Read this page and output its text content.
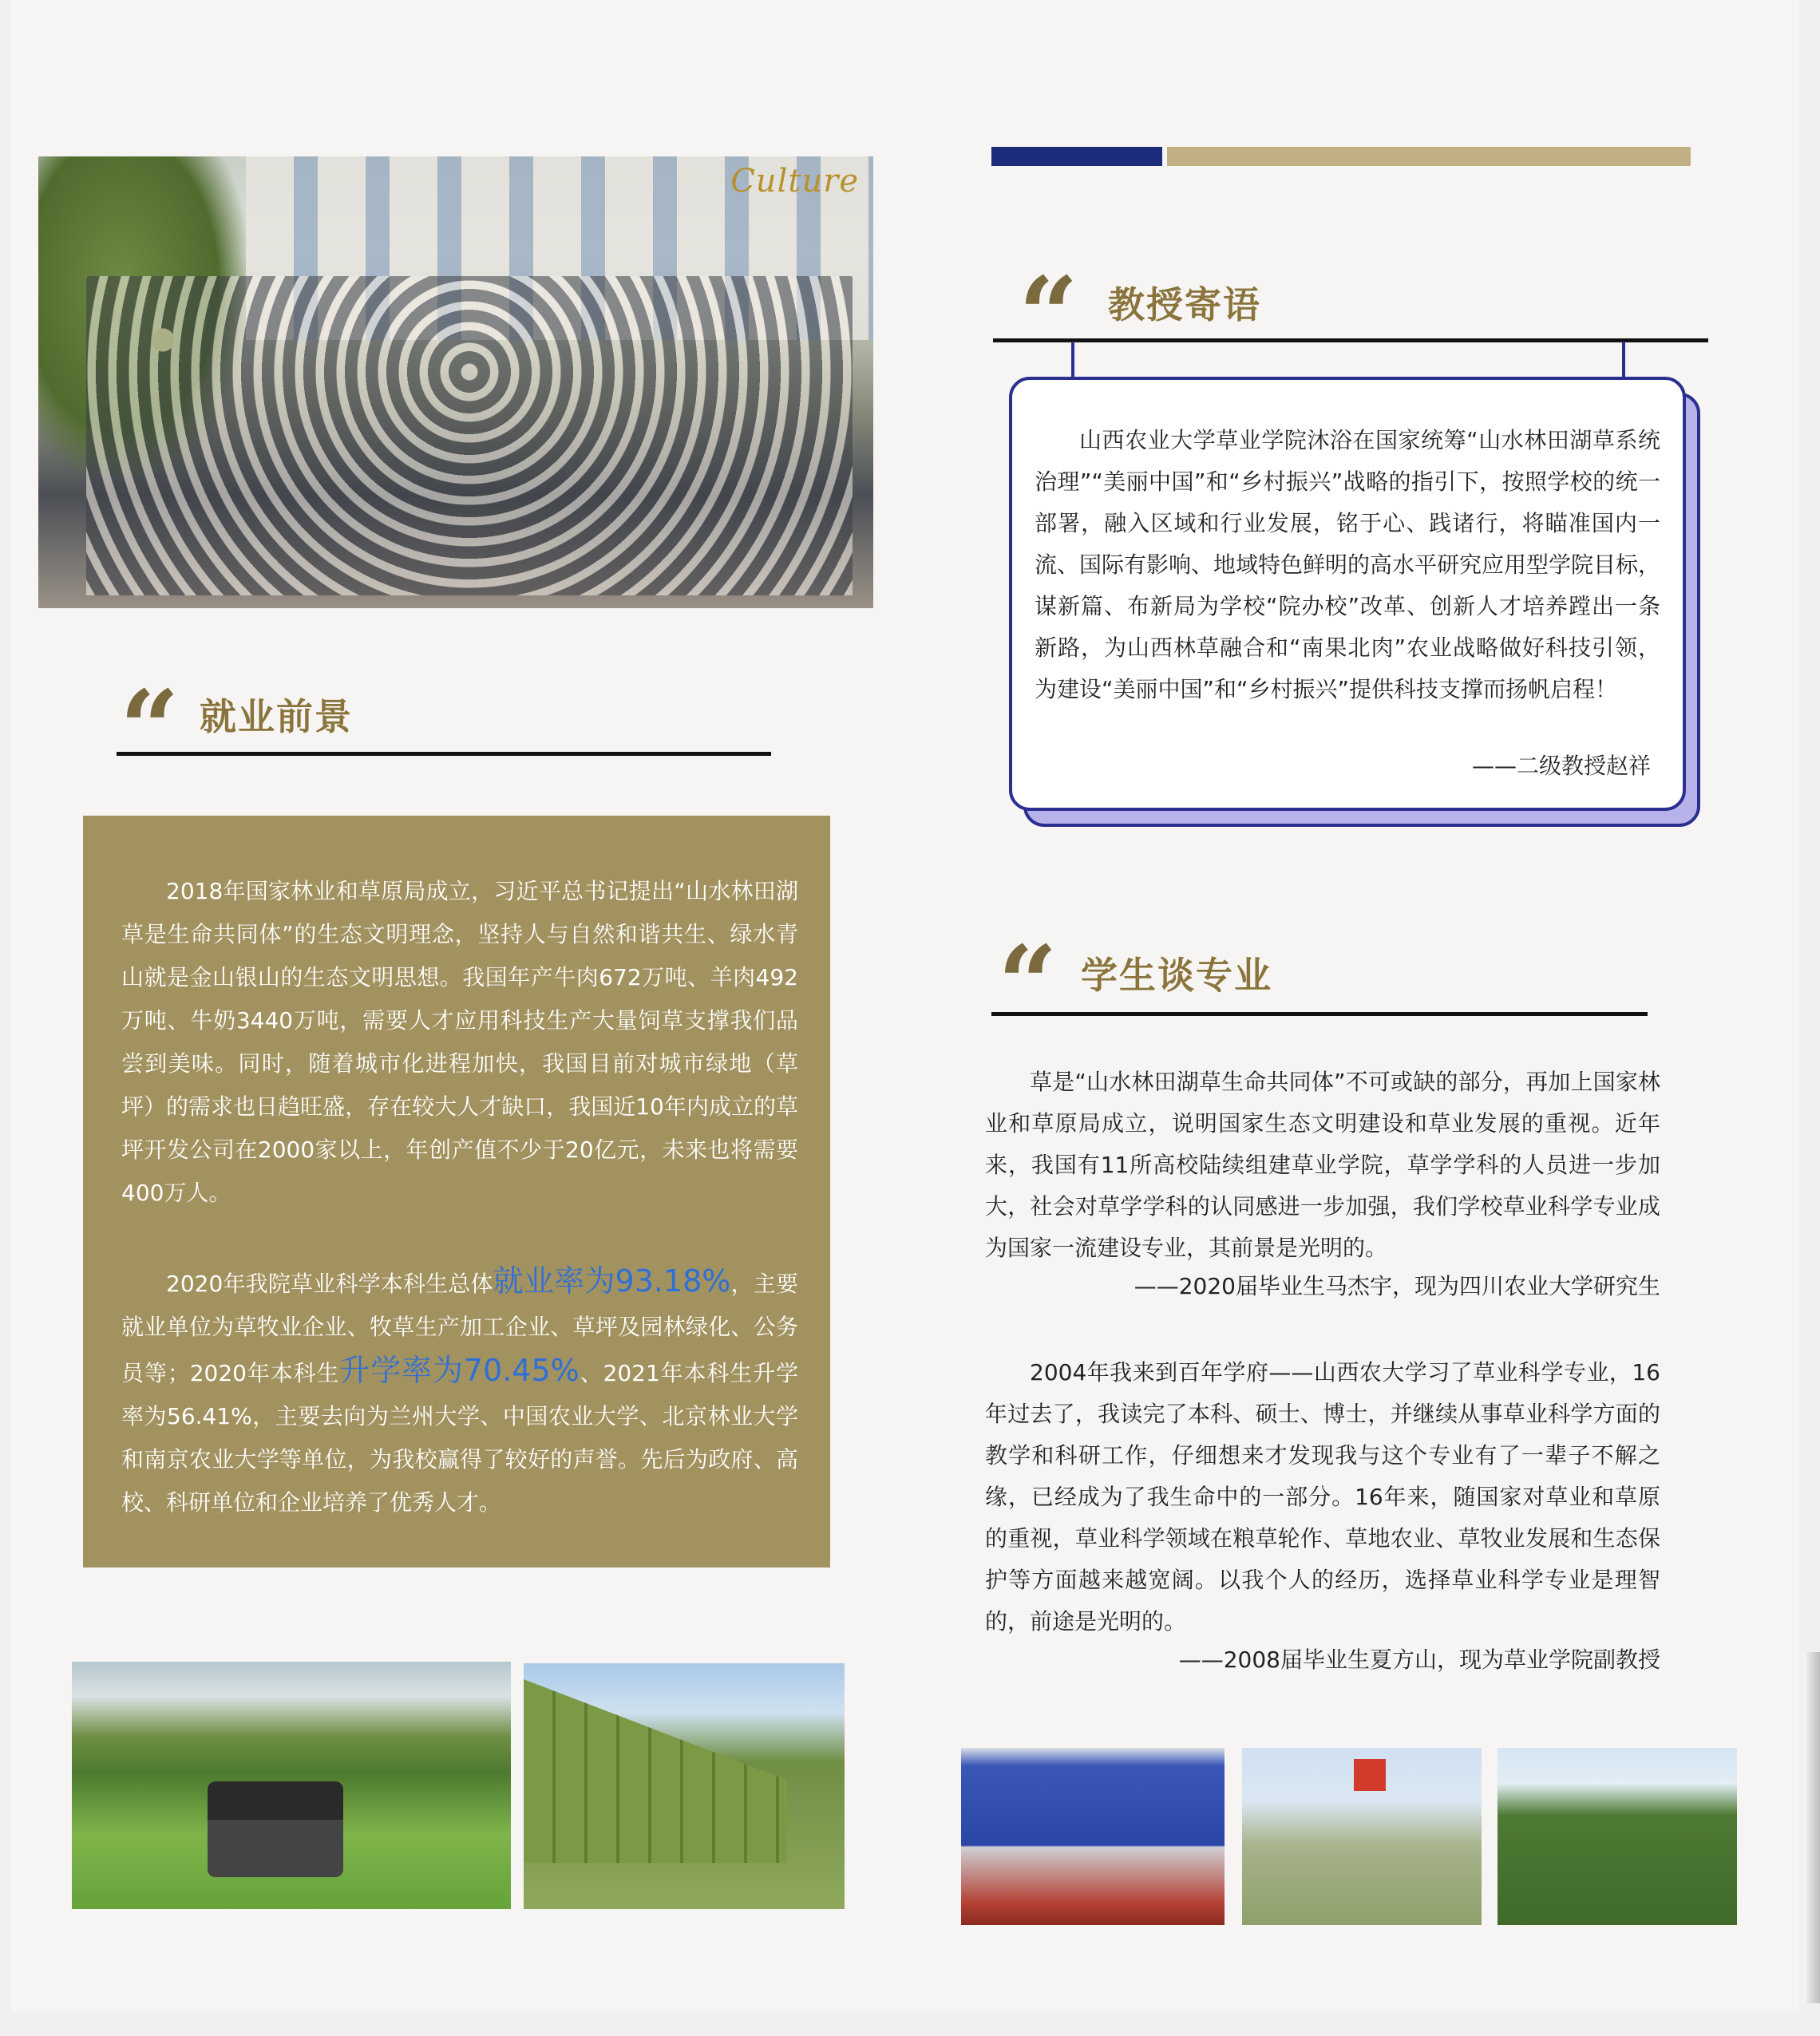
Culture
“ 就业前景

2018年国家林业和草原局成立，习近平总书记提出“山水林田湖草是生命共同体”的生态文明理念，坚持人与自然和谐共生、绿水青山就是金山银山的生态文明思想。我国年产牛肉672万吨、羊肉492万吨、牛奶3440万吨，需要人才应用科技生产大量饲草支撑我们品尝到美味。同时，随着城市化进程加快，我国目前对城市绿地（草坪）的需求也日趋旺盛，存在较大人才缺口，我国近10年内成立的草坪开发公司在2000家以上，年创产值不少于20亿元，未来也将需要400万人。

2020年我院草业科学本科生总体就业率为93.18%，主要就业单位为草牧业企业、牧草生产加工企业、草坪及园林绿化、公务员等；2020年本科生升学率为70.45%、2021年本科生升学率为56.41%，主要去向为兰州大学、中国农业大学、北京林业大学和南京农业大学等单位，为我校赢得了较好的声誉。先后为政府、高校、科研单位和企业培养了优秀人才。

“ 教授寄语

山西农业大学草业学院沐浴在国家统筹“山水林田湖草系统治理”“美丽中国”和“乡村振兴”战略的指引下，按照学校的统一部署，融入区域和行业发展，铭于心、践诸行，将瞄准国内一流、国际有影响、地域特色鲜明的高水平研究应用型学院目标，谋新篇、布新局为学校“院办校”改革、创新人才培养蹚出一条新路，为山西林草融合和“南果北肉”农业战略做好科技引领，为建设“美丽中国”和“乡村振兴”提供科技支撑而扬帆启程！

——二级教授赵祥
“ 学生谈专业

草是“山水林田湖草生命共同体”不可或缺的部分，再加上国家林业和草原局成立，说明国家生态文明建设和草业发展的重视。近年来，我国有11所高校陆续组建草业学院，草学学科的人员进一步加大，社会对草学学科的认同感进一步加强，我们学校草业科学专业成为国家一流建设专业，其前景是光明的。

——2020届毕业生马杰宇，现为四川农业大学研究生

2004年我来到百年学府——山西农大学习了草业科学专业，16年过去了，我读完了本科、硕士、博士，并继续从事草业科学方面的教学和科研工作，仔细想来才发现我与这个专业有了一辈子不解之缘，已经成为了我生命中的一部分。16年来，随国家对草业和草原的重视，草业科学领域在粮草轮作、草地农业、草牧业发展和生态保护等方面越来越宽阔。以我个人的经历，选择草业科学专业是理智的，前途是光明的。

——2008届毕业生夏方山，现为草业学院副教授
